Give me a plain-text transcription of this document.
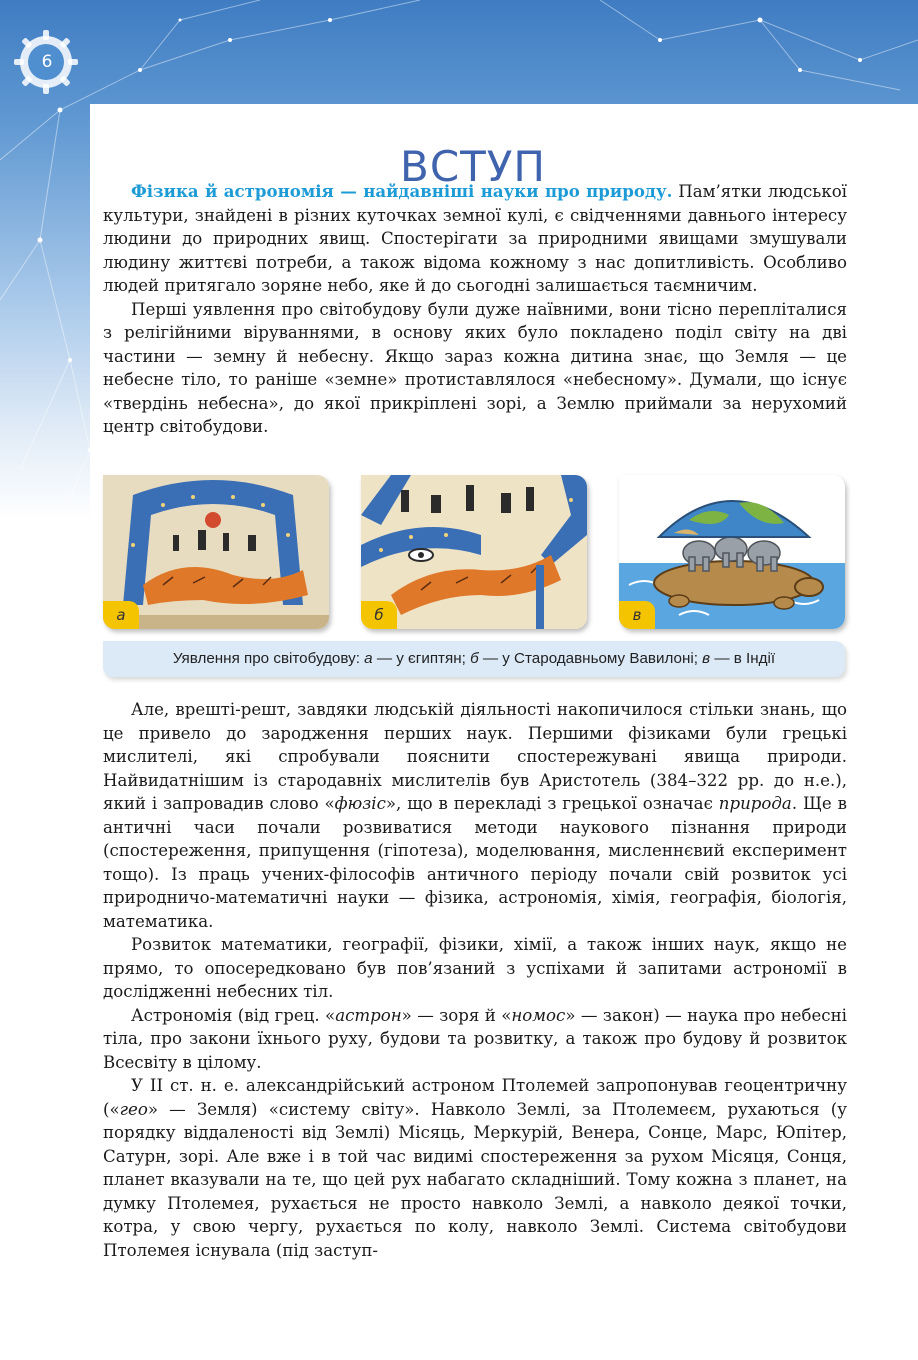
6
ВСТУП

Фізика й астрономія — найдавніші науки про природу. Пам’ятки людської культури, знайдені в різних куточках земної кулі, є свідченнями давнього інтересу людини до природних явищ. Спостерігати за природними явищами змушували людину життєві потреби, а також відома кожному з нас допитливість. Особливо людей притягало зоряне небо, яке й до сьогодні залишається таємничим.

Перші уявлення про світобудову були дуже наївними, вони тісно перепліталися з релігійними віруваннями, в основу яких було покладено поділ світу на дві частини — земну й небесну. Якщо зараз кожна дитина знає, що Земля — це небесне тіло, то раніше «земне» протиставлялося «небесному». Думали, що існує «твердінь небесна», до якої прикріплені зорі, а Землю приймали за нерухомий центр світобудови.

а	б	в
Уявлення про світобудову: а — у єгиптян; б — у Стародавньому Вавилоні; в — в Індії

Але, врешті-решт, завдяки людській діяльності накопичилося стільки знань, що це привело до зародження перших наук. Першими фізиками були грецькі мислителі, які спробували пояснити спостережувані явища природи. Найвидатнішим із стародавніх мислителів був Аристотель (384–322 рр. до н.е.), який і запровадив слово «фюзіс», що в перекладі з грецької означає природа. Ще в античні часи почали розвиватися методи наукового пізнання природи (спостереження, припущення (гіпотеза), моделювання, мисленнєвий експеримент тощо). Із праць учених-філософів античного періоду почали свій розвиток усі природничо-математичні науки — фізика, астрономія, хімія, географія, біологія, математика.

Розвиток математики, географії, фізики, хімії, а також інших наук, якщо не прямо, то опосередковано був пов’язаний з успіхами й запитами астрономії в дослідженні небесних тіл.

Астрономія (від грец. «астрон» — зоря й «номос» — закон) — наука про небесні тіла, про закони їхнього руху, будови та розвитку, а також про будову й розвиток Всесвіту в цілому.

У II ст. н. е. александрійський астроном Птолемей запропонував геоцентричну («гео» — Земля) «систему світу». Навколо Землі, за Птолемеєм, рухаються (у порядку віддаленості від Землі) Місяць, Меркурій, Венера, Сонце, Марс, Юпітер, Сатурн, зорі. Але вже і в той час видимі спостереження за рухом Місяця, Сонця, планет вказували на те, що цей рух набагато складніший. Тому кожна з планет, на думку Птолемея, рухається не просто навколо Землі, а навколо деякої точки, котра, у свою чергу, рухається по колу, навколо Землі. Система світобудови Птолемея існувала (під заступ-
